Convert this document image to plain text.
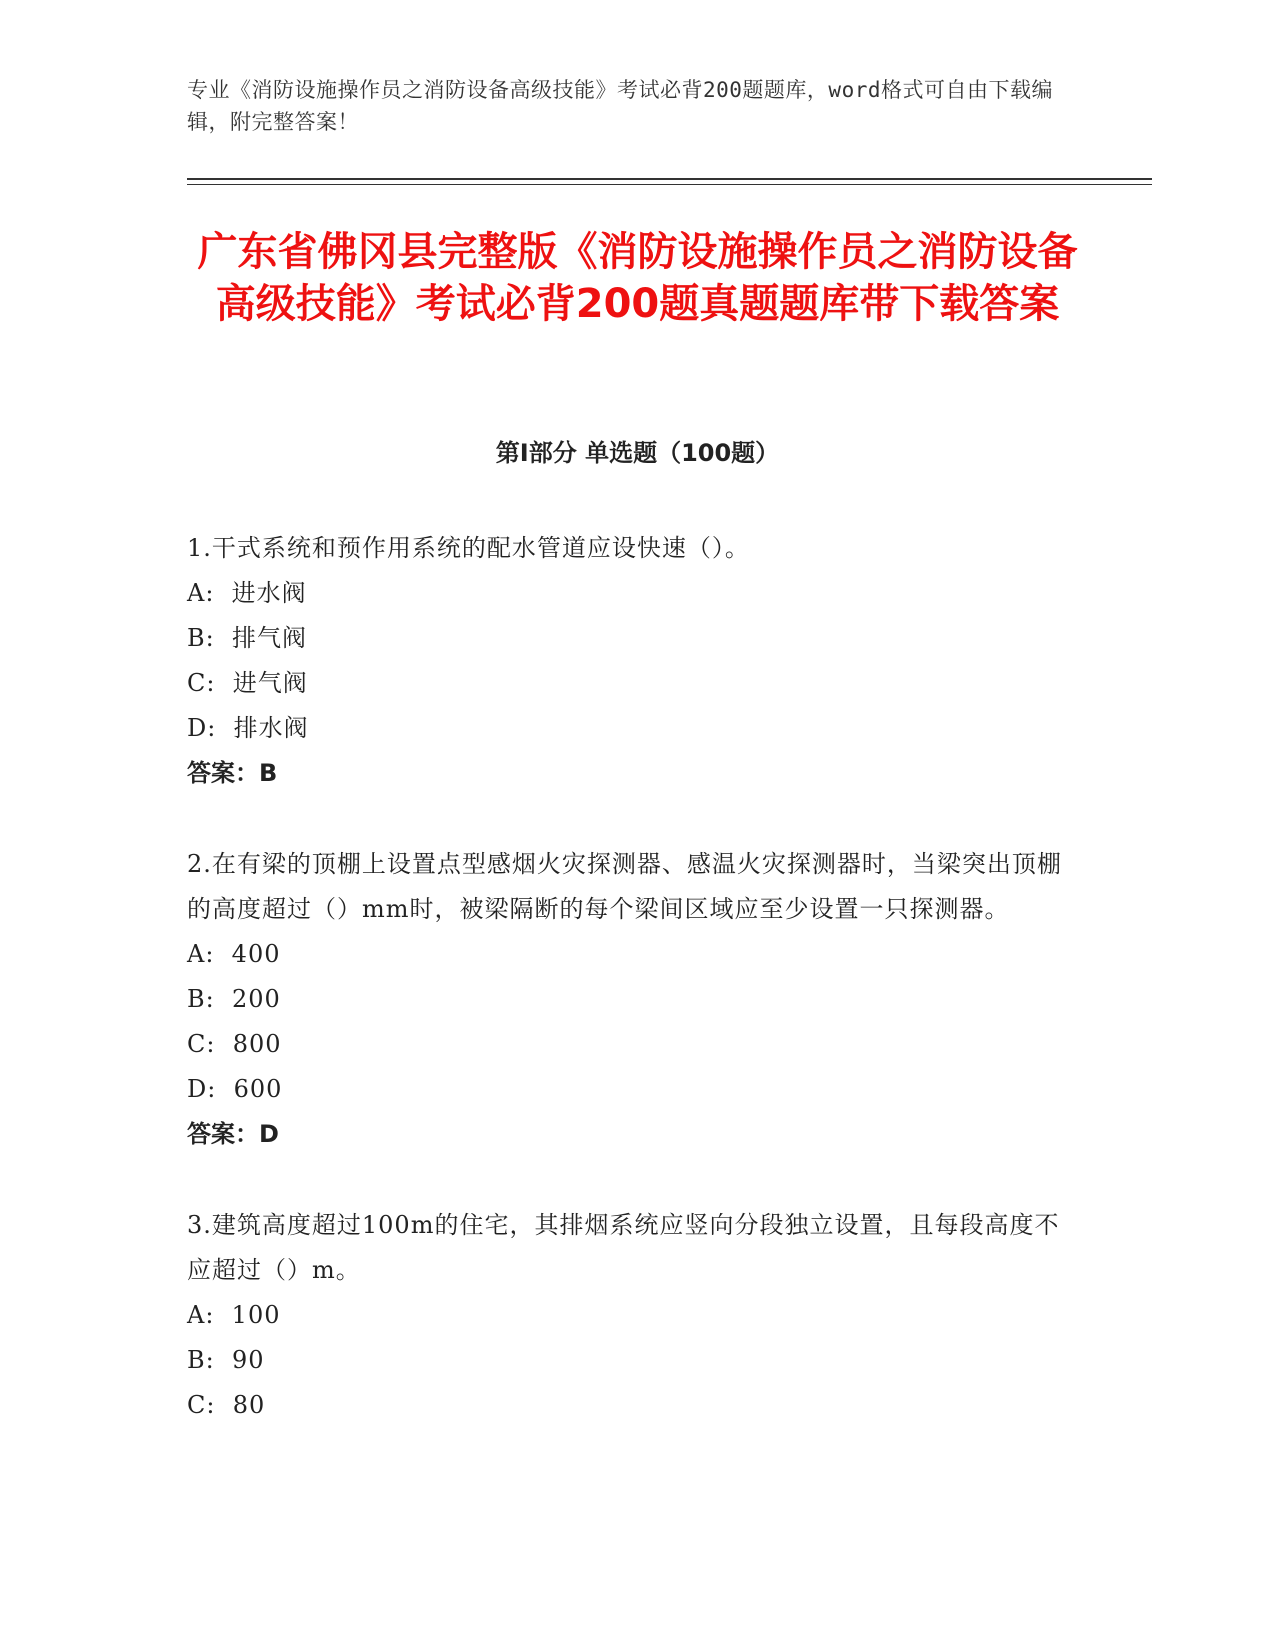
专业《消防设施操作员之消防设备高级技能》考试必背200题题库，word格式可自由下载编辑，附完整答案！
广东省佛冈县完整版《消防设施操作员之消防设备高级技能》考试必背200题真题题库带下载答案
第I部分 单选题（100题）
1.干式系统和预作用系统的配水管道应设快速（）。
A:  进水阀
B:  排气阀
C:  进气阀
D:  排水阀
答案：B
2.在有梁的顶棚上设置点型感烟火灾探测器、感温火灾探测器时，当梁突出顶棚的高度超过（）mm时，被梁隔断的每个梁间区域应至少设置一只探测器。
A:  400
B:  200
C:  800
D:  600
答案：D
3.建筑高度超过100m的住宅，其排烟系统应竖向分段独立设置，且每段高度不应超过（）m。
A:  100
B:  90
C:  80
